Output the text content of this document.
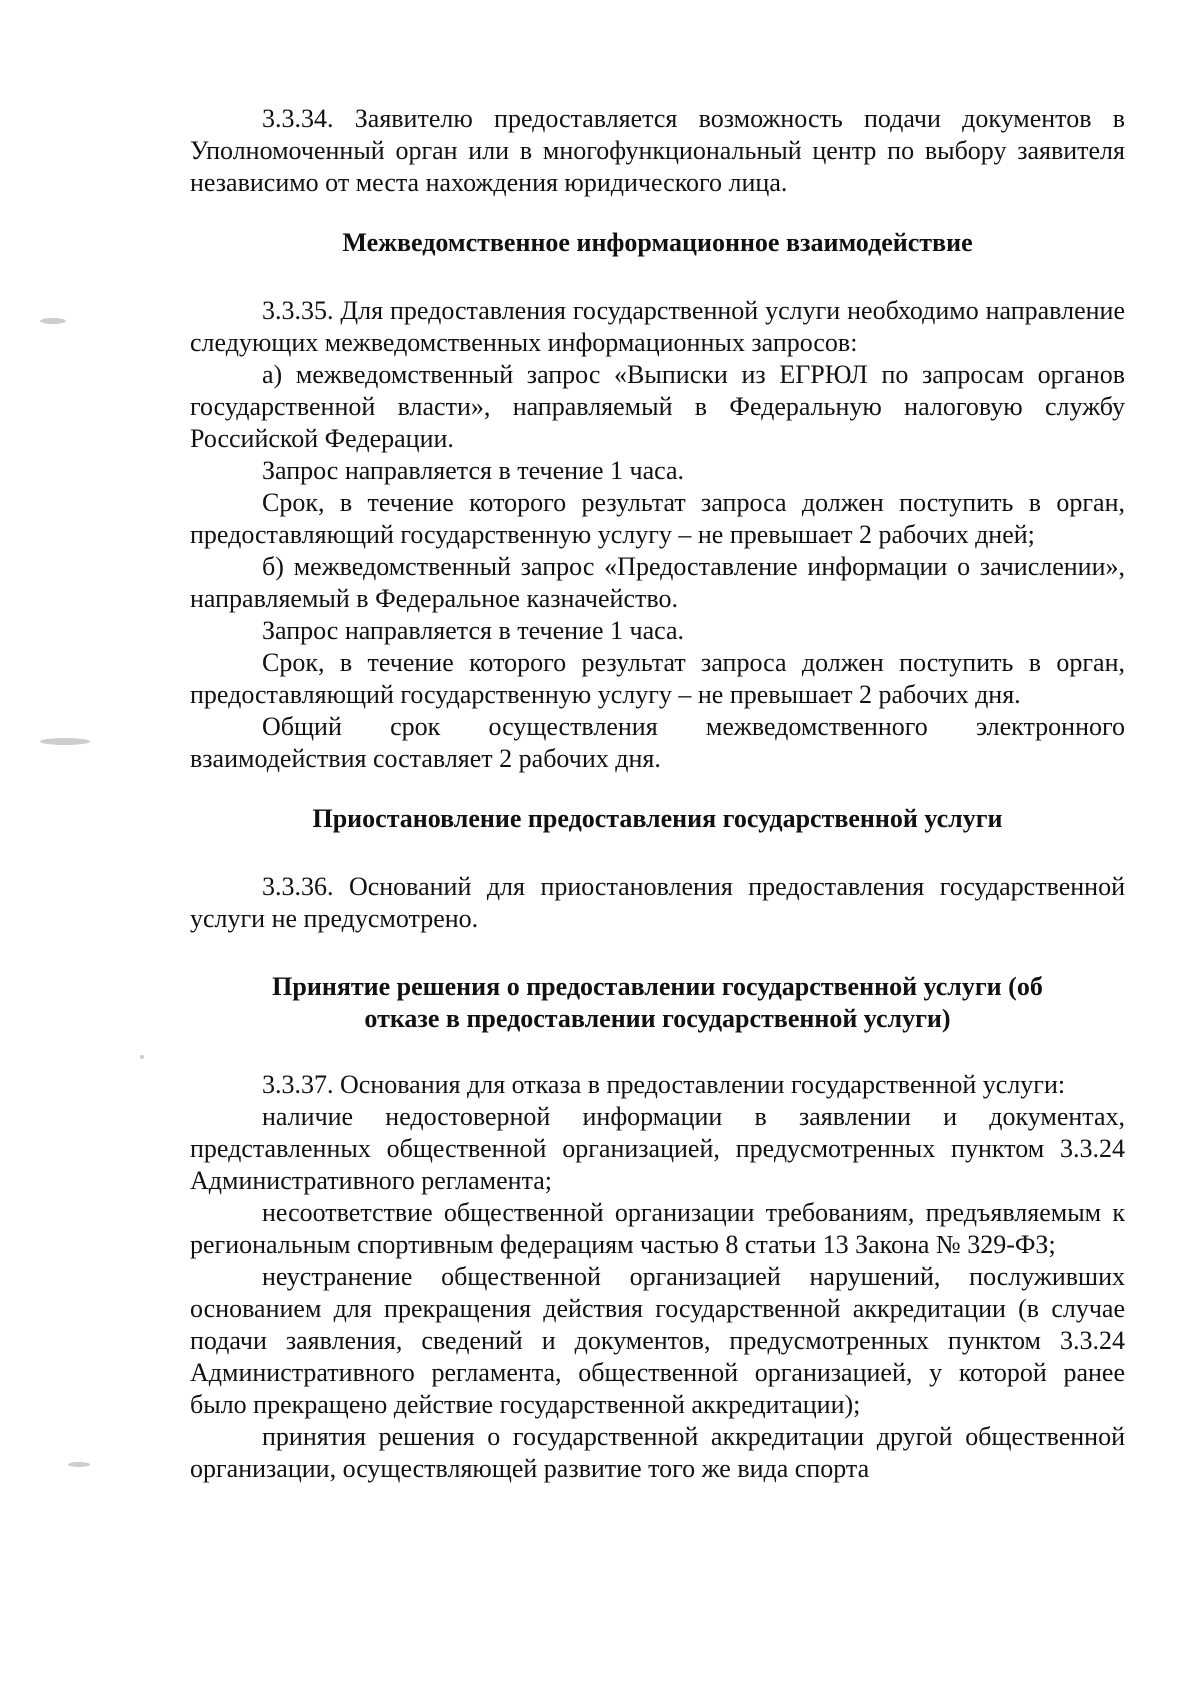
3.3.34. Заявителю предоставляется возможность подачи документов в Уполномоченный орган или в многофункциональный центр по выбору заявителя независимо от места нахождения юридического лица.

Межведомственное информационное взаимодействие

3.3.35. Для предоставления государственной услуги необходимо направление следующих межведомственных информационных запросов:

а) межведомственный запрос «Выписки из ЕГРЮЛ по запросам органов государственной власти», направляемый в Федеральную налоговую службу Российской Федерации.

Запрос направляется в течение 1 часа.

Срок, в течение которого результат запроса должен поступить в орган, предоставляющий государственную услугу – не превышает 2 рабочих дней;

б) межведомственный запрос «Предоставление информации о зачислении», направляемый в Федеральное казначейство.

Запрос направляется в течение 1 часа.

Срок, в течение которого результат запроса должен поступить в орган, предоставляющий государственную услугу – не превышает 2 рабочих дня.

Общий срок осуществления межведомственного электронного взаимодействия составляет 2 рабочих дня.

Приостановление предоставления государственной услуги

3.3.36. Оснований для приостановления предоставления государственной услуги не предусмотрено.

Принятие решения о предоставлении государственной услуги (об
отказе в предоставлении государственной услуги)

3.3.37. Основания для отказа в предоставлении государственной услуги:

наличие недостоверной информации в заявлении и документах, представленных общественной организацией, предусмотренных пунктом 3.3.24 Административного регламента;

несоответствие общественной организации требованиям, предъявляемым к региональным спортивным федерациям частью 8 статьи 13 Закона № 329-ФЗ;

неустранение общественной организацией нарушений, послуживших основанием для прекращения действия государственной аккредитации (в случае подачи заявления, сведений и документов, предусмотренных пунктом 3.3.24 Административного регламента, общественной организацией, у которой ранее было прекращено действие государственной аккредитации);

принятия решения о государственной аккредитации другой общественной организации, осуществляющей развитие того же вида спорта
